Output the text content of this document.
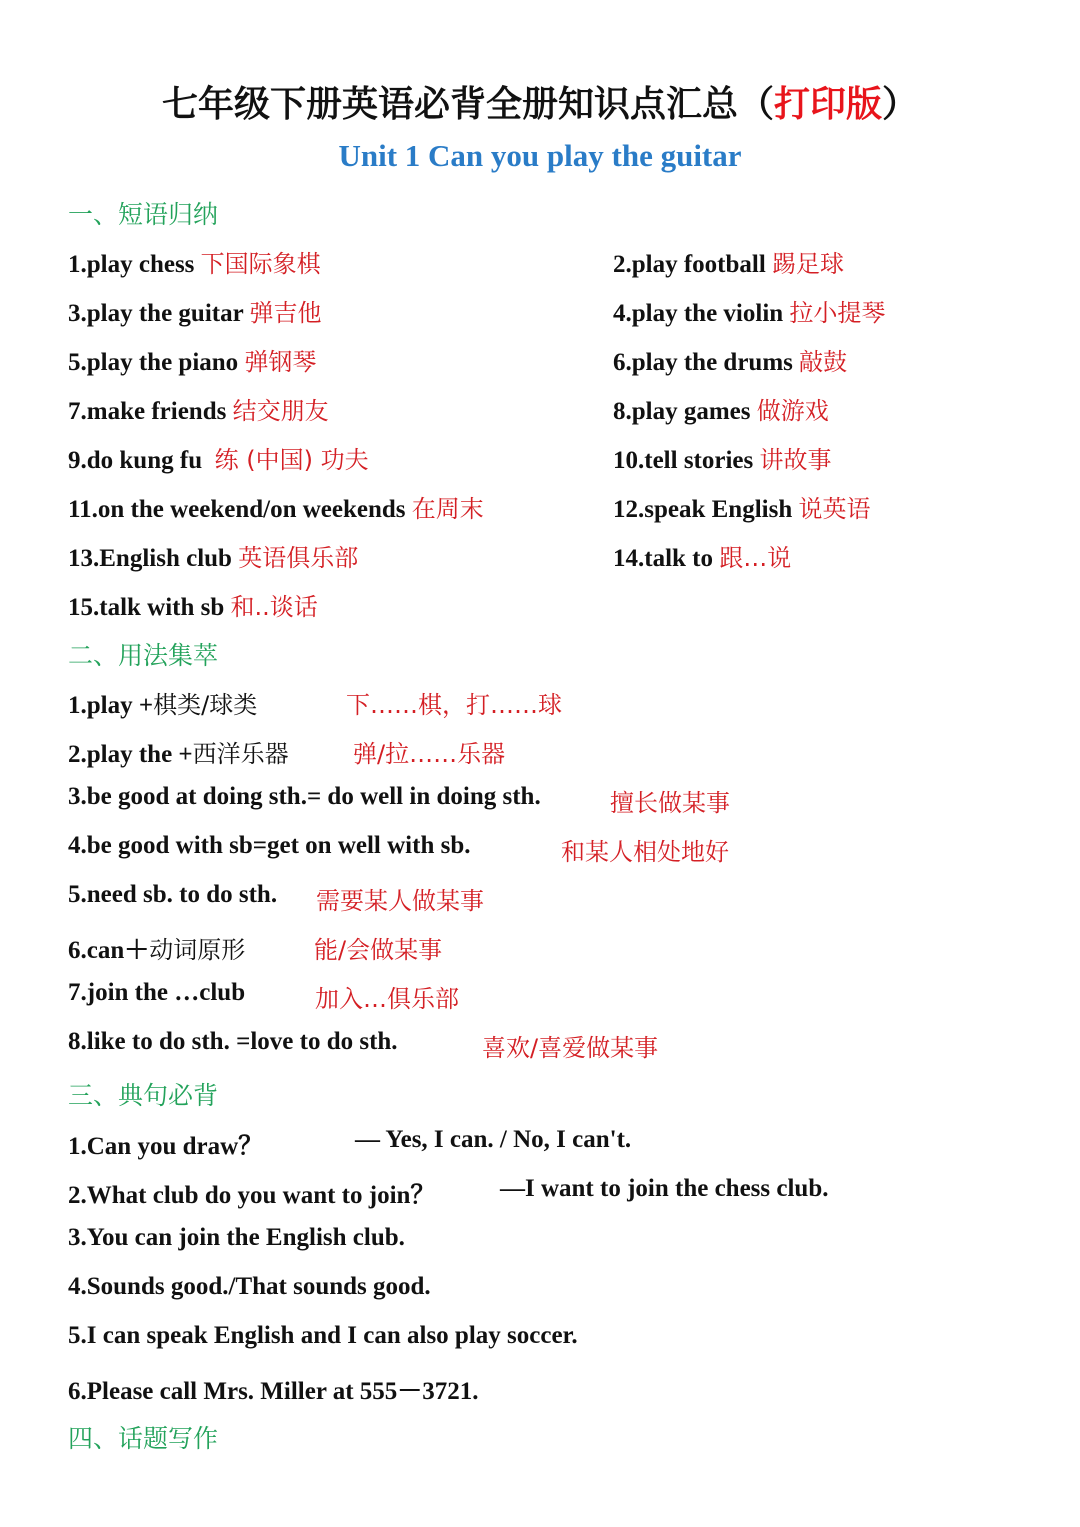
七年级下册英语必背全册知识点汇总（打印版）
Unit 1 Can you play the guitar
一、短语归纳
1.play chess 下国际象棋	2.play football 踢足球
3.play the guitar 弹吉他	4.play the violin 拉小提琴
5.play the piano 弹钢琴	6.play the drums 敲鼓
7.make friends 结交朋友	8.play games 做游戏
9.do kung fu 练 (中国) 功夫	10.tell stories 讲故事
11.on the weekend/on weekends 在周末	12.speak English 说英语
13.English club 英语俱乐部	14.talk to 跟…说
15.talk with sb 和..谈话
二、用法集萃
1.play +棋类/球类	下……棋，打……球
2.play the +西洋乐器	弹/拉……乐器
3.be good at doing sth.= do well in doing sth.	擅长做某事
4.be good with sb=get on well with sb.	和某人相处地好
5.need sb. to do sth. 需要某人做某事
6.can＋动词原形	能/会做某事
7.join the …club	加入…俱乐部
8.like to do sth. =love to do sth.	喜欢/喜爱做某事
三、典句必背
1.Can you draw？	— Yes, I can. / No, I can't.
2.What club do you want to join？	—I want to join the chess club.
3.You can join the English club.
4.Sounds good./That sounds good.
5.I can speak English and I can also play soccer.
6.Please call Mrs. Miller at 555－3721.
四、话题写作
